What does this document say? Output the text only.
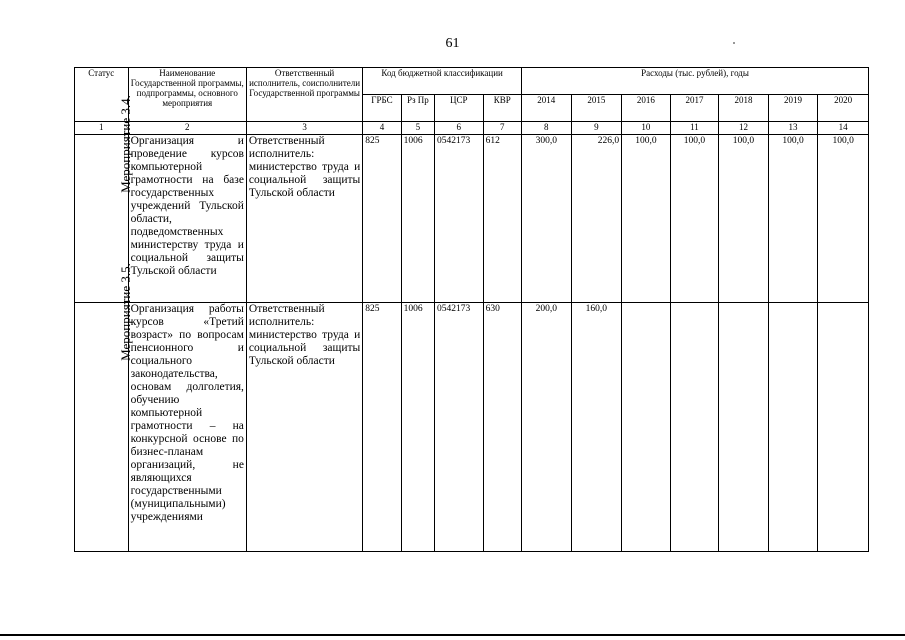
61
Статус	Наименование Государственной программы, подпрограммы, основного мероприятия	Ответственный исполнитель, соисполнители Государственной программы	Код бюджетной классификации				Расходы (тыс. рублей), годы						
			ГРБС	Рз Пр	ЦСР	КВР	2014	2015	2016	2017	2018	2019	2020
1	2	3	4	5	6	7	8	9	10	11	12	13	14
Мероприятие 3.4.	Организация и проведение курсов компьютерной грамотности на базе государственных учреждений Тульской области, подведомственных министерству труда и социальной защиты Тульской области	Ответственный исполнитель: министерство труда и социальной защиты Тульской области	825	1006	0542173	612	300,0	226,0	100,0	100,0	100,0	100,0	100,0
Мероприятие 3.5.	Организация работы курсов «Третий возраст» по вопросам пенсионного и социального законодательства, основам долголетия, обучению компьютерной грамотности – на конкурсной основе по бизнес-планам организаций, не являющихся государственными (муниципальными) учреждениями	Ответственный исполнитель: министерство труда и социальной защиты Тульской области	825	1006	0542173	630	200,0	160,0					
